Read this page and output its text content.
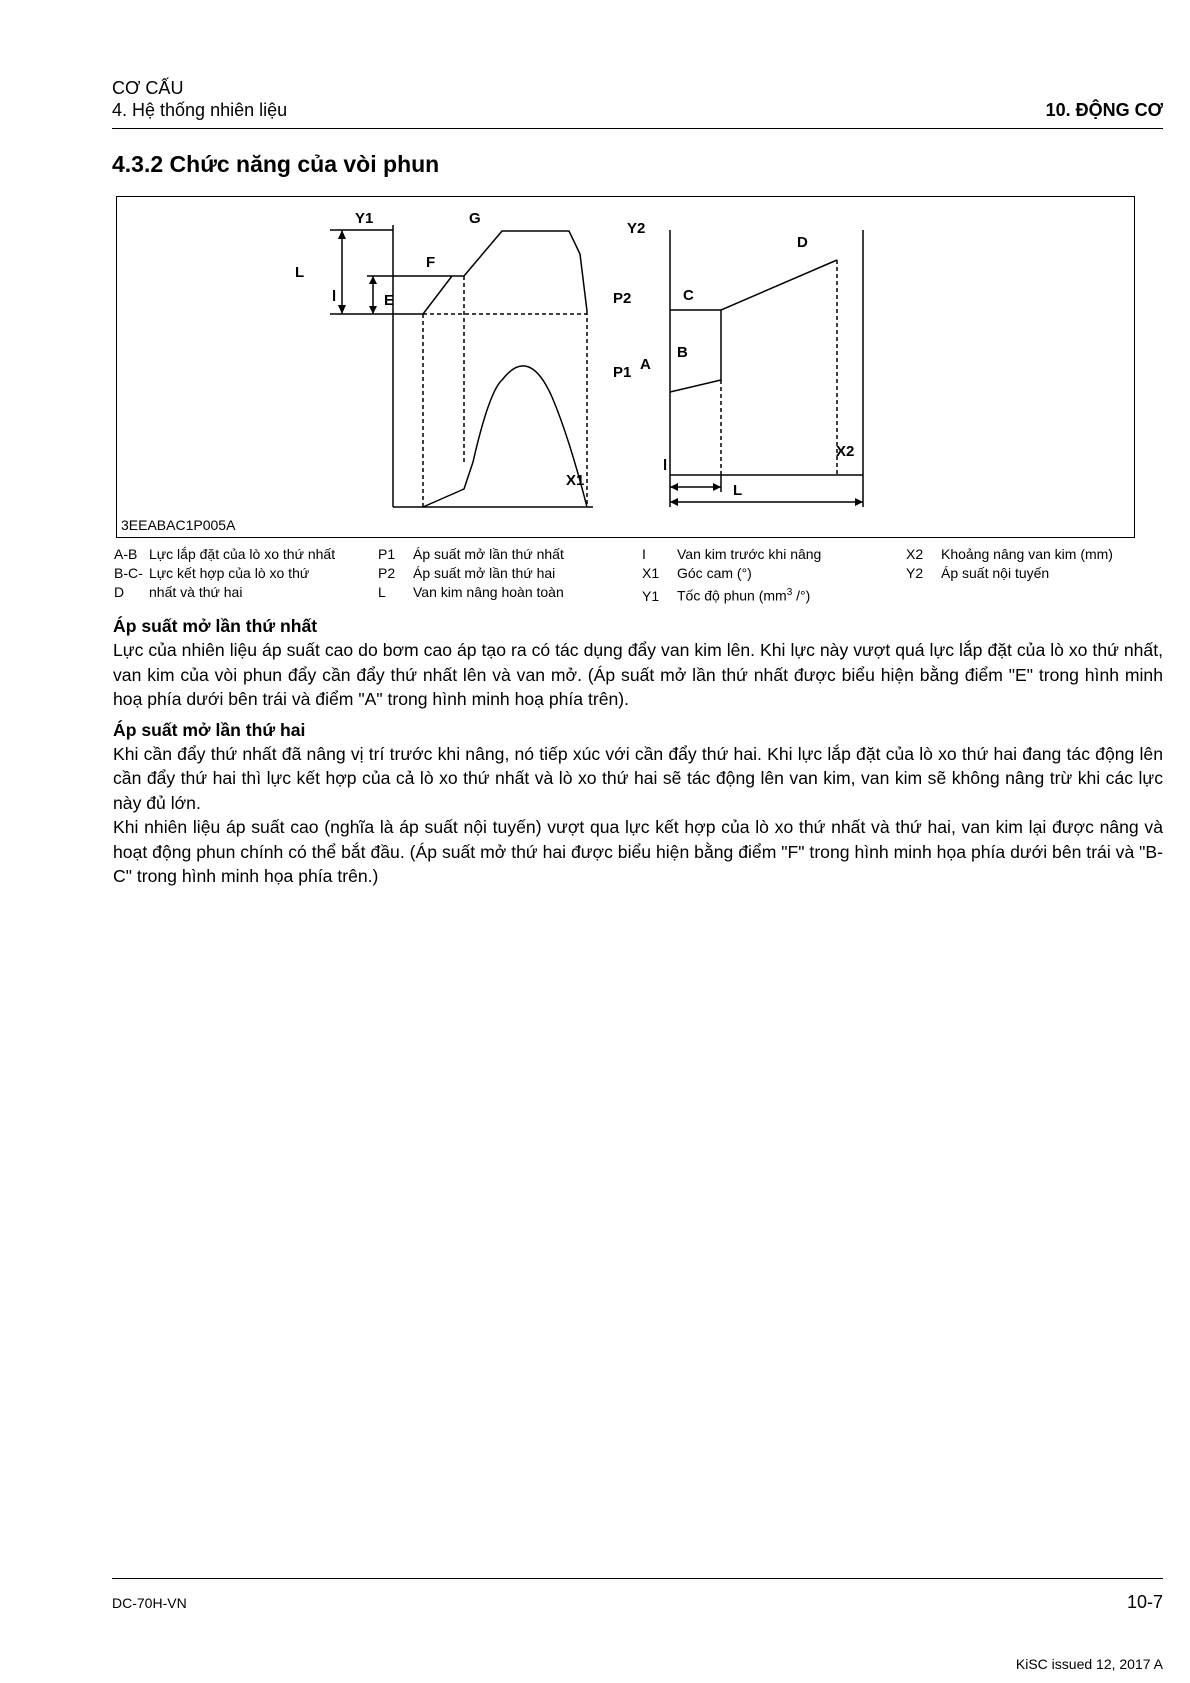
CƠ CẤU
4. Hệ thống nhiên liệu	10. ĐỘNG CƠ
4.3.2 Chức năng của vòi phun
Y1	G
F
E
L
l
X1
Y2
D
C
P2
B
A
P1
X2
l
L
3EEABAC1P005A
A-B Lực lắp đặt của lò xo thứ nhất
B-C- Lực kết hợp của lò xo thứ
D nhất và thứ hai
P1 Áp suất mở lần thứ nhất
P2 Áp suất mở lần thứ hai
L Van kim nâng hoàn toàn
I Van kim trước khi nâng
X1 Góc cam (°)
Y1 Tốc độ phun ($mm^3$ /°)
X2 Khoảng nâng van kim (mm)
Y2 Áp suất nội tuyến
Áp suất mở lần thứ nhất

Lực của nhiên liệu áp suất cao do bơm cao áp tạo ra có tác dụng đẩy van kim lên. Khi lực này vượt quá lực lắp đặt của lò xo thứ nhất, van kim của vòi phun đẩy cần đẩy thứ nhất lên và van mở. (Áp suất mở lần thứ nhất được biểu hiện bằng điểm "E" trong hình minh hoạ phía dưới bên trái và điểm "A" trong hình minh hoạ phía trên).

Áp suất mở lần thứ hai

Khi cần đẩy thứ nhất đã nâng vị trí trước khi nâng, nó tiếp xúc với cần đẩy thứ hai. Khi lực lắp đặt của lò xo thứ hai đang tác động lên cần đẩy thứ hai thì lực kết hợp của cả lò xo thứ nhất và lò xo thứ hai sẽ tác động lên van kim, van kim sẽ không nâng trừ khi các lực này đủ lớn.

Khi nhiên liệu áp suất cao (nghĩa là áp suất nội tuyến) vượt qua lực kết hợp của lò xo thứ nhất và thứ hai, van kim lại được nâng và hoạt động phun chính có thể bắt đầu. (Áp suất mở thứ hai được biểu hiện bằng điểm "F" trong hình minh họa phía dưới bên trái và "B-C" trong hình minh họa phía trên.)

DC-70H-VN	10-7
KiSC issued 12, 2017 A
